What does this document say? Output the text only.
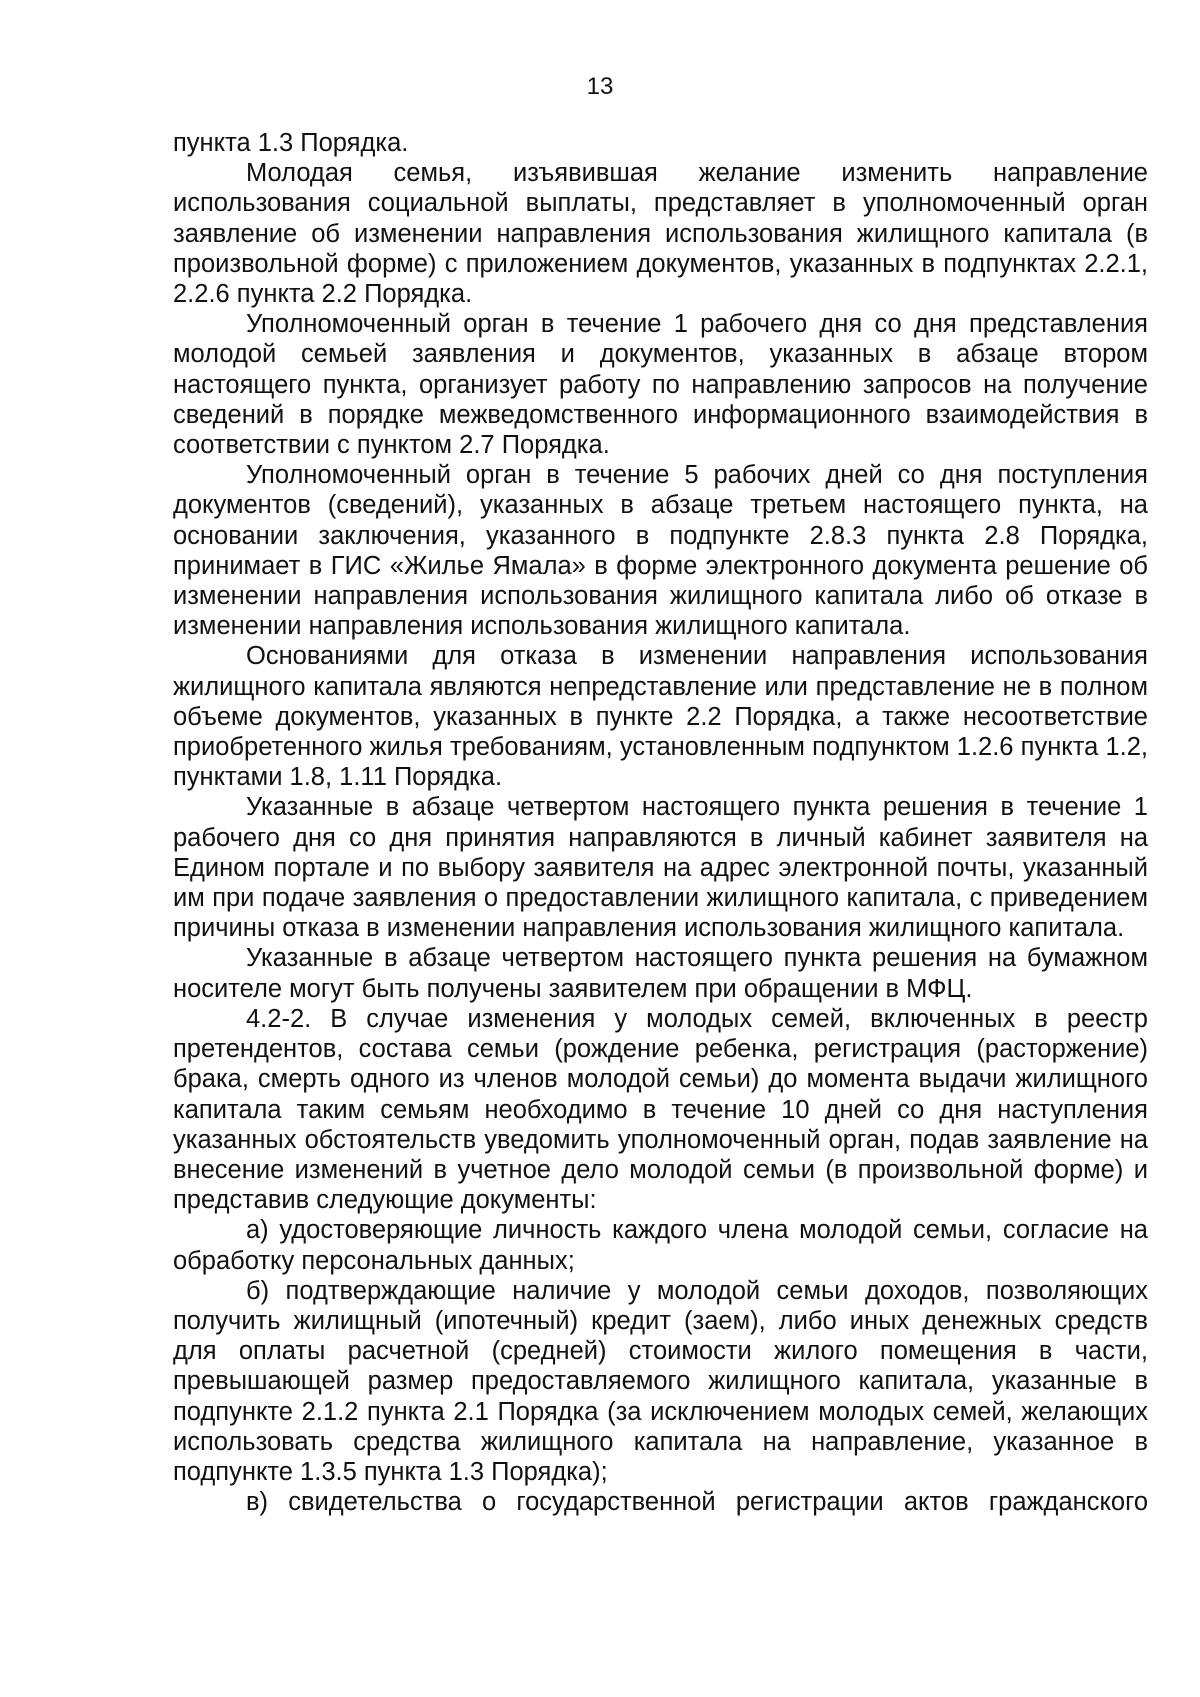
13

пункта 1.3 Порядка.

Молодая семья, изъявившая желание изменить направление использования социальной выплаты, представляет в уполномоченный орган заявление об изменении направления использования жилищного капитала (в произвольной форме) с приложением документов, указанных в подпунктах 2.2.1, 2.2.6 пункта 2.2 Порядка.

Уполномоченный орган в течение 1 рабочего дня со дня представления молодой семьей заявления и документов, указанных в абзаце втором настоящего пункта, организует работу по направлению запросов на получение сведений в порядке межведомственного информационного взаимодействия в соответствии с пунктом 2.7 Порядка.

Уполномоченный орган в течение 5 рабочих дней со дня поступления документов (сведений), указанных в абзаце третьем настоящего пункта, на основании заключения, указанного в подпункте 2.8.3 пункта 2.8 Порядка, принимает в ГИС «Жилье Ямала» в форме электронного документа решение об изменении направления использования жилищного капитала либо об отказе в изменении направления использования жилищного капитала.

Основаниями для отказа в изменении направления использования жилищного капитала являются непредставление или представление не в полном объеме документов, указанных в пункте 2.2 Порядка, а также несоответствие приобретенного жилья требованиям, установленным подпунктом 1.2.6 пункта 1.2, пунктами 1.8, 1.11 Порядка.

Указанные в абзаце четвертом настоящего пункта решения в течение 1 рабочего дня со дня принятия направляются в личный кабинет заявителя на Едином портале и по выбору заявителя на адрес электронной почты, указанный им при подаче заявления о предоставлении жилищного капитала, с приведением причины отказа в изменении направления использования жилищного капитала.

Указанные в абзаце четвертом настоящего пункта решения на бумажном носителе могут быть получены заявителем при обращении в МФЦ.

4.2-2. В случае изменения у молодых семей, включенных в реестр претендентов, состава семьи (рождение ребенка, регистрация (расторжение) брака, смерть одного из членов молодой семьи) до момента выдачи жилищного капитала таким семьям необходимо в течение 10 дней со дня наступления указанных обстоятельств уведомить уполномоченный орган, подав заявление на внесение изменений в учетное дело молодой семьи (в произвольной форме) и представив следующие документы:

а) удостоверяющие личность каждого члена молодой семьи, согласие на обработку персональных данных;

б) подтверждающие наличие у молодой семьи доходов, позволяющих получить жилищный (ипотечный) кредит (заем), либо иных денежных средств для оплаты расчетной (средней) стоимости жилого помещения в части, превышающей размер предоставляемого жилищного капитала, указанные в подпункте 2.1.2 пункта 2.1 Порядка (за исключением молодых семей, желающих использовать средства жилищного капитала на направление, указанное в подпункте 1.3.5 пункта 1.3 Порядка);

в) свидетельства о государственной регистрации актов гражданского
